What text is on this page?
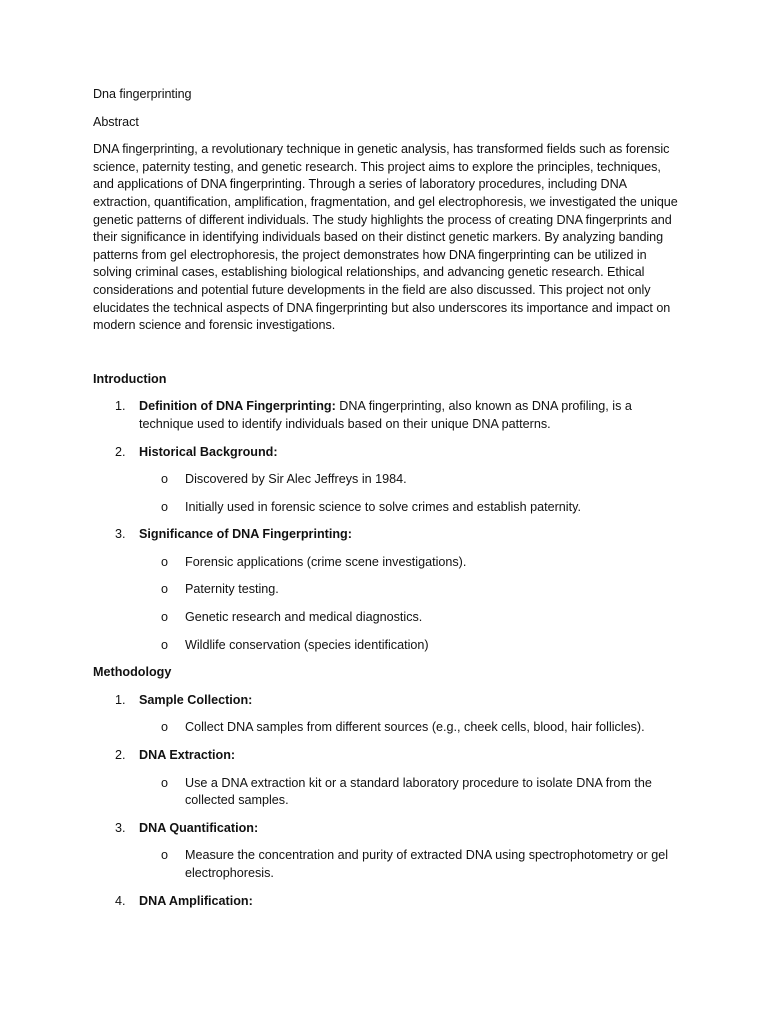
Dna fingerprinting

Abstract

DNA fingerprinting, a revolutionary technique in genetic analysis, has transformed fields such as forensic science, paternity testing, and genetic research. This project aims to explore the principles, techniques, and applications of DNA fingerprinting. Through a series of laboratory procedures, including DNA extraction, quantification, amplification, fragmentation, and gel electrophoresis, we investigated the unique genetic patterns of different individuals. The study highlights the process of creating DNA fingerprints and their significance in identifying individuals based on their distinct genetic markers. By analyzing banding patterns from gel electrophoresis, the project demonstrates how DNA fingerprinting can be utilized in solving criminal cases, establishing biological relationships, and advancing genetic research. Ethical considerations and potential future developments in the field are also discussed. This project not only elucidates the technical aspects of DNA fingerprinting but also underscores its importance and impact on modern science and forensic investigations.

Introduction

1. Definition of DNA Fingerprinting: DNA fingerprinting, also known as DNA profiling, is a technique used to identify individuals based on their unique DNA patterns.
2. Historical Background:
o Discovered by Sir Alec Jeffreys in 1984.
o Initially used in forensic science to solve crimes and establish paternity.
3. Significance of DNA Fingerprinting:
o Forensic applications (crime scene investigations).
o Paternity testing.
o Genetic research and medical diagnostics.
o Wildlife conservation (species identification)

Methodology

1. Sample Collection:
o Collect DNA samples from different sources (e.g., cheek cells, blood, hair follicles).
2. DNA Extraction:
o Use a DNA extraction kit or a standard laboratory procedure to isolate DNA from the collected samples.
3. DNA Quantification:
o Measure the concentration and purity of extracted DNA using spectrophotometry or gel electrophoresis.
4. DNA Amplification:
